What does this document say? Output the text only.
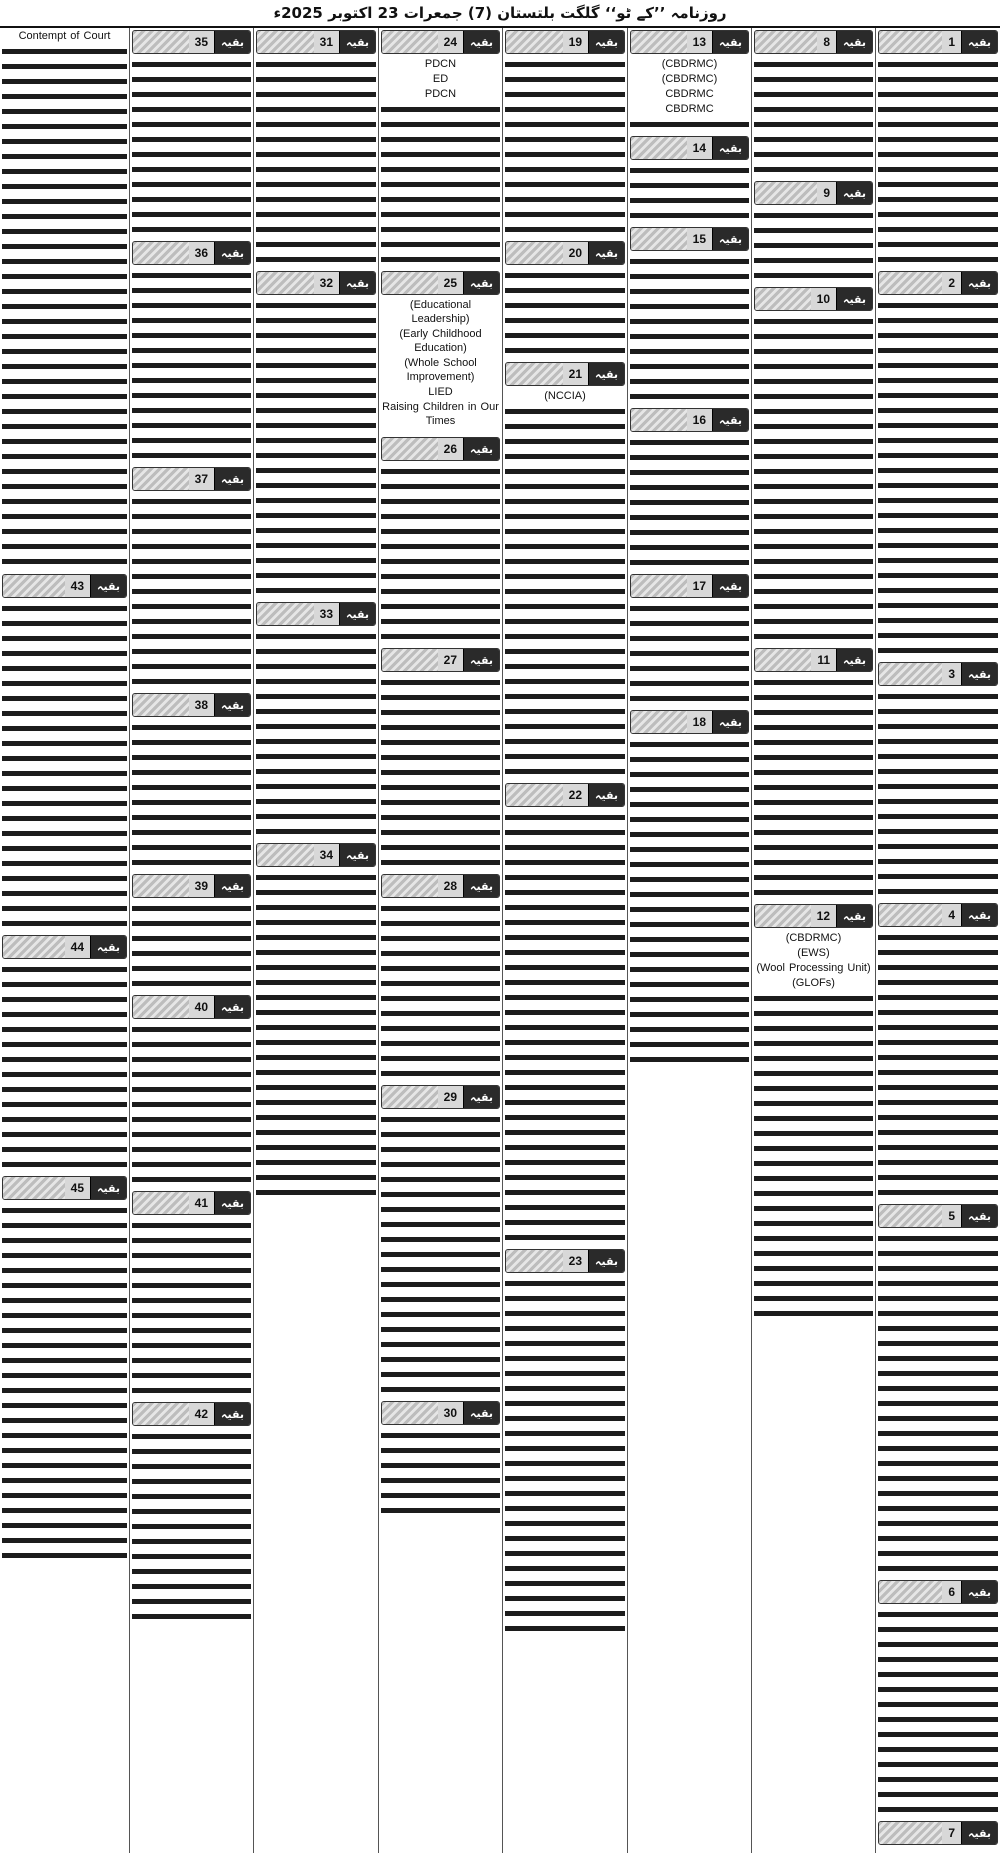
روزنامہ ’’کے ٹو‘‘ گلگت بلتستان (7) جمعرات 23 اکتوبر 2025ء
بقیہ
1
بقیہ
2
بقیہ
3
بقیہ
4
بقیہ
5
بقیہ
6
بقیہ
7
بقیہ
8
بقیہ
9
بقیہ
10
بقیہ
11
بقیہ
12
(CBDRMC)
(EWS)
(Wool Processing Unit)
(GLOFs)
بقیہ
13
(CBDRMC)
(CBDRMC)
CBDRMC
CBDRMC
بقیہ
14
بقیہ
15
بقیہ
16
بقیہ
17
بقیہ
18
بقیہ
19
بقیہ
20
بقیہ
21
(NCCIA)
بقیہ
22
بقیہ
23
بقیہ
24
PDCN
ED
PDCN
بقیہ
25
(Educational Leadership)
(Early Childhood Education)
(Whole School Improvement)
LIED
Raising Children in Our Times
بقیہ
26
بقیہ
27
بقیہ
28
بقیہ
29
بقیہ
30
بقیہ
31
بقیہ
32
بقیہ
33
بقیہ
34
بقیہ
35
بقیہ
36
بقیہ
37
بقیہ
38
بقیہ
39
بقیہ
40
بقیہ
41
بقیہ
42
Contempt of Court
بقیہ
43
بقیہ
44
بقیہ
45
